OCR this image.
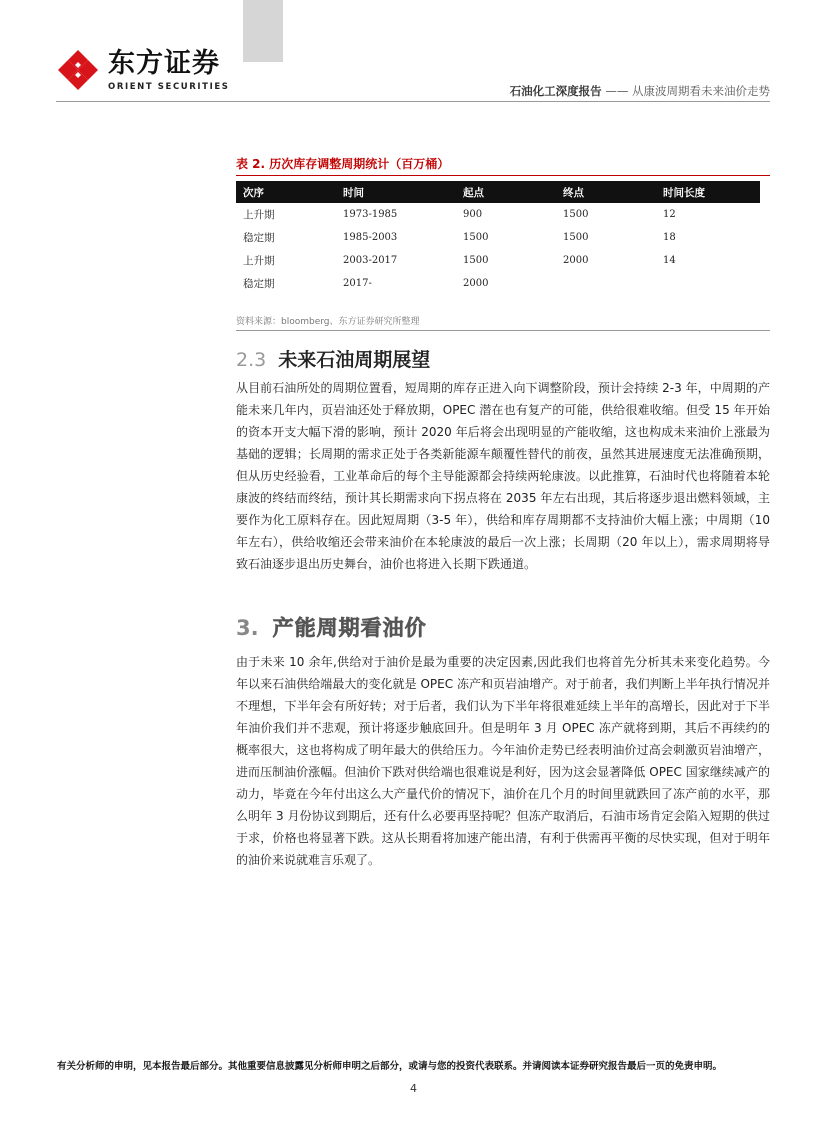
东方证券
ORIENT SECURITIES	石油化工深度报告 —— 从康波周期看未来油价走势
表 2. 历次库存调整周期统计（百万桶）
次序	时间	起点	终点	时间长度
上升期	1973-1985	900	1500	12
稳定期	1985-2003	1500	1500	18
上升期	2003-2017	1500	2000	14
稳定期	2017-	2000		
资料来源：bloomberg、东方证券研究所整理
2.3 未来石油周期展望
从目前石油所处的周期位置看，短周期的库存正进入向下调整阶段，预计会持续 2-3 年，中周期的产能未来几年内，页岩油还处于释放期，OPEC 潜在也有复产的可能，供给很难收缩。但受 15 年开始的资本开支大幅下滑的影响，预计 2020 年后将会出现明显的产能收缩，这也构成未来油价上涨最为基础的逻辑；长周期的需求正处于各类新能源车颠覆性替代的前夜，虽然其进展速度无法准确预期，但从历史经验看，工业革命后的每个主导能源都会持续两轮康波。以此推算，石油时代也将随着本轮康波的终结而终结，预计其长期需求向下拐点将在 2035 年左右出现，其后将逐步退出燃料领域，主要作为化工原料存在。因此短周期（3-5 年），供给和库存周期都不支持油价大幅上涨；中周期（10 年左右），供给收缩还会带来油价在本轮康波的最后一次上涨；长周期（20 年以上），需求周期将导致石油逐步退出历史舞台，油价也将进入长期下跌通道。
3. 产能周期看油价
由于未来 10 余年,供给对于油价是最为重要的决定因素,因此我们也将首先分析其未来变化趋势。今年以来石油供给端最大的变化就是 OPEC 冻产和页岩油增产。对于前者，我们判断上半年执行情况并不理想，下半年会有所好转；对于后者，我们认为下半年将很难延续上半年的高增长，因此对于下半年油价我们并不悲观，预计将逐步触底回升。但是明年 3 月 OPEC 冻产就将到期，其后不再续约的概率很大，这也将构成了明年最大的供给压力。今年油价走势已经表明油价过高会刺激页岩油增产，进而压制油价涨幅。但油价下跌对供给端也很难说是利好，因为这会显著降低 OPEC 国家继续减产的动力，毕竟在今年付出这么大产量代价的情况下，油价在几个月的时间里就跌回了冻产前的水平，那么明年 3 月份协议到期后，还有什么必要再坚持呢？但冻产取消后，石油市场肯定会陷入短期的供过于求，价格也将显著下跌。这从长期看将加速产能出清，有利于供需再平衡的尽快实现，但对于明年的油价来说就难言乐观了。
有关分析师的申明，见本报告最后部分。其他重要信息披露见分析师申明之后部分，或请与您的投资代表联系。并请阅读本证券研究报告最后一页的免责申明。
4
